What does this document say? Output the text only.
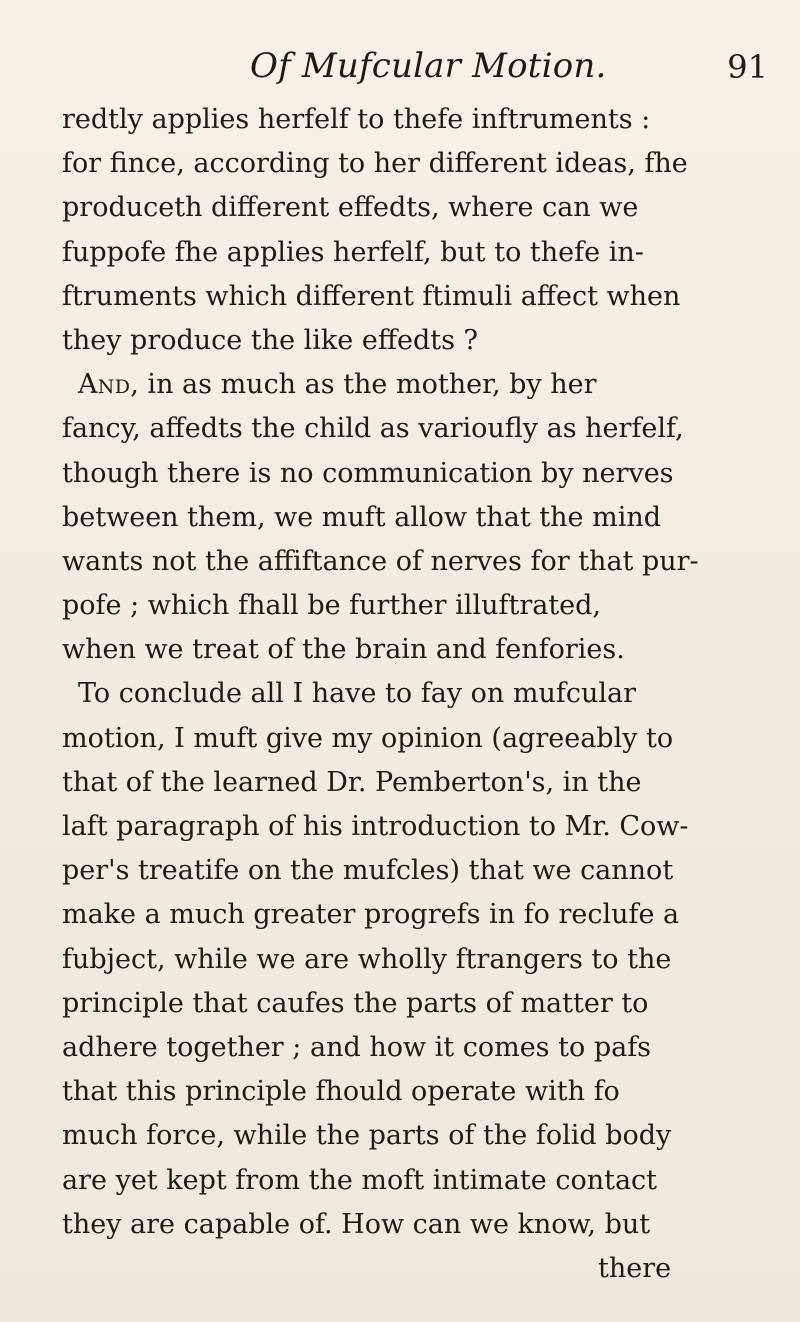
Of Mufcular Motion.	91
redtly applies herfelf to thefe inftruments :
for fince, according to her different ideas, fhe
produceth different effedts, where can we
fuppofe fhe applies herfelf, but to thefe in-
ftruments which different ftimuli affect when
they produce the like effedts ?
And, in as much as the mother, by her
fancy, affedts the child as varioufly as herfelf,
though there is no communication by nerves
between them, we muft allow that the mind
wants not the affiftance of nerves for that pur-
pofe ; which fhall be further illuftrated,
when we treat of the brain and fenfories.
To conclude all I have to fay on mufcular
motion, I muft give my opinion (agreeably to
that of the learned Dr. Pemberton's, in the
laft paragraph of his introduction to Mr. Cow-
per's treatife on the mufcles) that we cannot
make a much greater progrefs in fo reclufe a
fubject, while we are wholly ftrangers to the
principle that caufes the parts of matter to
adhere together ; and how it comes to pafs
that this principle fhould operate with fo
much force, while the parts of the folid body
are yet kept from the moft intimate contact
they are capable of. How can we know, but
there
